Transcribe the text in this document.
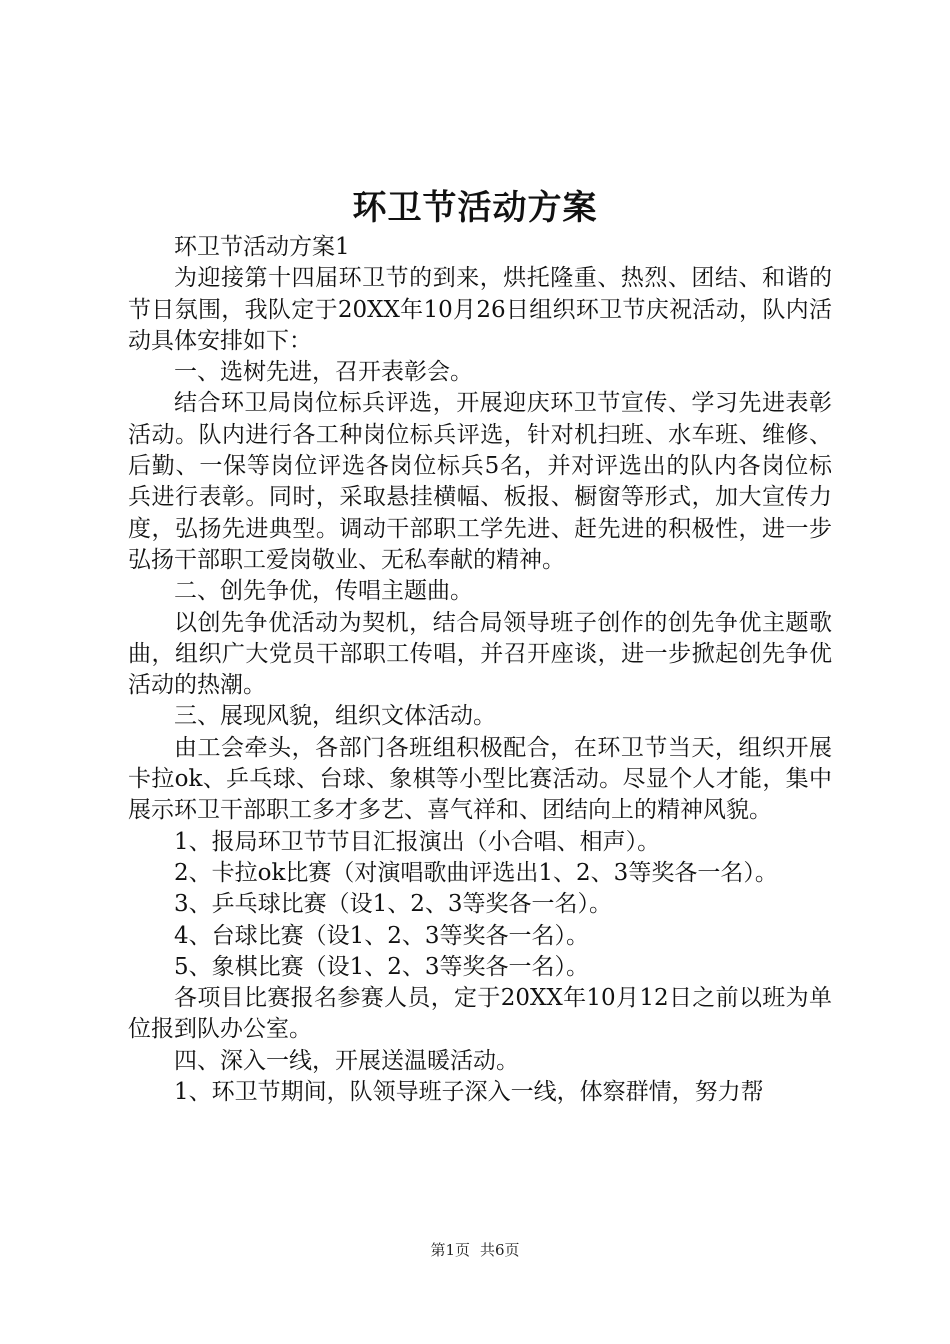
环卫节活动方案

环卫节活动方案1

为迎接第十四届环卫节的到来，烘托隆重、热烈、团结、和谐的节日氛围，我队定于20XX年10月26日组织环卫节庆祝活动，队内活动具体安排如下：

一、选树先进，召开表彰会。

结合环卫局岗位标兵评选，开展迎庆环卫节宣传、学习先进表彰活动。队内进行各工种岗位标兵评选，针对机扫班、水车班、维修、后勤、一保等岗位评选各岗位标兵5名，并对评选出的队内各岗位标兵进行表彰。同时，采取悬挂横幅、板报、橱窗等形式，加大宣传力度，弘扬先进典型。调动干部职工学先进、赶先进的积极性，进一步弘扬干部职工爱岗敬业、无私奉献的精神。

二、创先争优，传唱主题曲。

以创先争优活动为契机，结合局领导班子创作的创先争优主题歌曲，组织广大党员干部职工传唱，并召开座谈，进一步掀起创先争优活动的热潮。

三、展现风貌，组织文体活动。

由工会牵头，各部门各班组积极配合，在环卫节当天，组织开展卡拉ok、乒乓球、台球、象棋等小型比赛活动。尽显个人才能，集中展示环卫干部职工多才多艺、喜气祥和、团结向上的精神风貌。

1、报局环卫节节目汇报演出（小合唱、相声）。

2、卡拉ok比赛（对演唱歌曲评选出1、2、3等奖各一名）。

3、乒乓球比赛（设1、2、3等奖各一名）。

4、台球比赛（设1、2、3等奖各一名）。

5、象棋比赛（设1、2、3等奖各一名）。

各项目比赛报名参赛人员，定于20XX年10月12日之前以班为单位报到队办公室。

四、深入一线，开展送温暖活动。

1、环卫节期间，队领导班子深入一线，体察群情，努力帮

第1页 共6页
